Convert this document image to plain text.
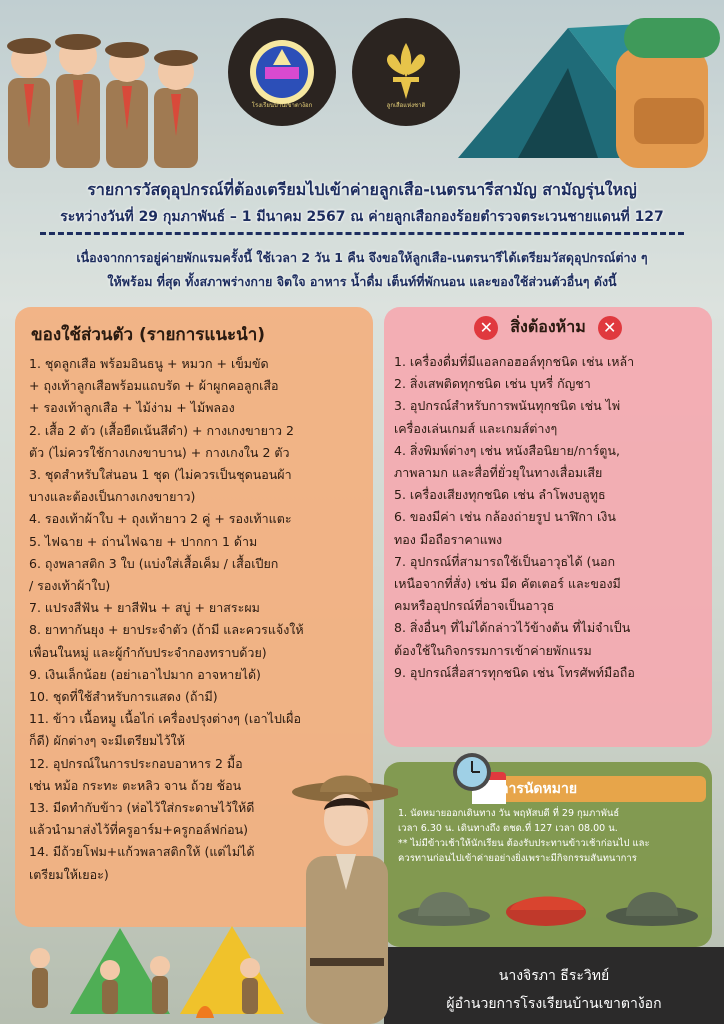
โรงเรียนบ้านเขาตาง้อก	ลูกเสือแห่งชาติ
รายการวัสดุอุปกรณ์ที่ต้องเตรียมไปเข้าค่ายลูกเสือ-เนตรนารีสามัญ สามัญรุ่นใหญ่
ระหว่างวันที่ 29 กุมภาพันธ์ – 1 มีนาคม 2567 ณ ค่ายลูกเสือกองร้อยตำรวจตระเวนชายแดนที่ 127
เนื่องจากการอยู่ค่ายพักแรมครั้งนี้ ใช้เวลา 2 วัน 1 คืน จึงขอให้ลูกเสือ-เนตรนารีได้เตรียมวัสดุอุปกรณ์ต่าง ๆ
ให้พร้อม ที่สุด ทั้งสภาพร่างกาย จิตใจ อาหาร น้ำดื่ม เต็นท์ที่พักนอน และของใช้ส่วนตัวอื่นๆ ดังนี้
ของใช้ส่วนตัว (รายการแนะนำ)
1. ชุดลูกเสือ พร้อมอินธนู + หมวก + เข็มขัด
+ ถุงเท้าลูกเสือพร้อมแถบรัด + ผ้าผูกคอลูกเสือ
+ รองเท้าลูกเสือ + ไม้ง่าม + ไม้พลอง
2. เสื้อ 2 ตัว (เสื้อยืดเน้นสีดำ) + กางเกงขายาว 2
ตัว (ไม่ควรใช้กางเกงขาบาน) + กางเกงใน 2 ตัว
3. ชุดสำหรับใส่นอน 1 ชุด (ไม่ควรเป็นชุดนอนผ้า
บางและต้องเป็นกางเกงขายาว)
4. รองเท้าผ้าใบ + ถุงเท้ายาว 2 คู่ + รองเท้าแตะ
5. ไฟฉาย + ถ่านไฟฉาย + ปากกา 1 ด้าม
6. ถุงพลาสติก 3 ใบ (แบ่งใส่เสื้อเค็ม / เสื้อเปียก
/ รองเท้าผ้าใบ)
7. แปรงสีฟัน + ยาสีฟัน + สบู่ + ยาสระผม
8. ยาทากันยุง + ยาประจำตัว (ถ้ามี และควรแจ้งให้
เพื่อนในหมู่ และผู้กำกับประจำกองทราบด้วย)
9. เงินเล็กน้อย (อย่าเอาไปมาก อาจหายได้)
10. ชุดที่ใช้สำหรับการแสดง (ถ้ามี)
11. ข้าว เนื้อหมู เนื้อไก่ เครื่องปรุงต่างๆ (เอาไปเผื่อ
ก็ดี) ผักต่างๆ จะมีเตรียมไว้ให้
12. อุปกรณ์ในการประกอบอาหาร 2 มื้อ
เช่น หม้อ กระทะ ตะหลิว จาน ถ้วย ช้อน
13. มีดทำกับข้าว (ห่อไว้ใส่กระดาษไว้ให้ดี
แล้วนำมาส่งไว้ที่ครูอาร์ม+ครูกอล์ฟก่อน)
14. มีถ้วยโฟม+แก้วพลาสติกให้ (แต่ไม่ได้
เตรียมให้เยอะ)
✕	สิ่งต้องห้าม	✕
1. เครื่องดื่มที่มีแอลกอฮอล์ทุกชนิด เช่น เหล้า
2. สิ่งเสพติดทุกชนิด เช่น บุหรี่ กัญชา
3. อุปกรณ์สำหรับการพนันทุกชนิด เช่น ไพ่
เครื่องเล่นเกมส์ และเกมส์ต่างๆ
4. สิ่งพิมพ์ต่างๆ เช่น หนังสือนิยาย/การ์ตูน,
ภาพลามก และสื่อที่ยั่วยุในทางเสื่อมเสีย
5. เครื่องเสียงทุกชนิด เช่น ลำโพงบลูทูธ
6. ของมีค่า เช่น กล้องถ่ายรูป นาฬิกา เงิน
ทอง มือถือราคาแพง
7. อุปกรณ์ที่สามารถใช้เป็นอาวุธได้ (นอก
เหนือจากที่สั่ง) เช่น มีด คัตเตอร์ และของมี
คมหรืออุปกรณ์ที่อาจเป็นอาวุธ
8. สิ่งอื่นๆ ที่ไม่ได้กล่าวไว้ข้างต้น ที่ไม่จำเป็น
ต้องใช้ในกิจกรรมการเข้าค่ายพักแรม
9. อุปกรณ์สื่อสารทุกชนิด เช่น โทรศัพท์มือถือ
การนัดหมาย
1. นัดหมายออกเดินทาง วัน พฤหัสบดี ที่ 29 กุมภาพันธ์
เวลา 6.30 น. เดินทางถึง ตชด.ที่ 127 เวลา 08.00 น.
** ไม่มีข้าวเช้าให้นักเรียน ต้องรับประทานข้าวเช้าก่อนไป และ
ควรทานก่อนไปเข้าค่ายอย่างยิ่งเพราะมีกิจกรรมสันทนาการ
นางจิรภา ธีระวิทย์
ผู้อำนวยการโรงเรียนบ้านเขาตาง้อก
